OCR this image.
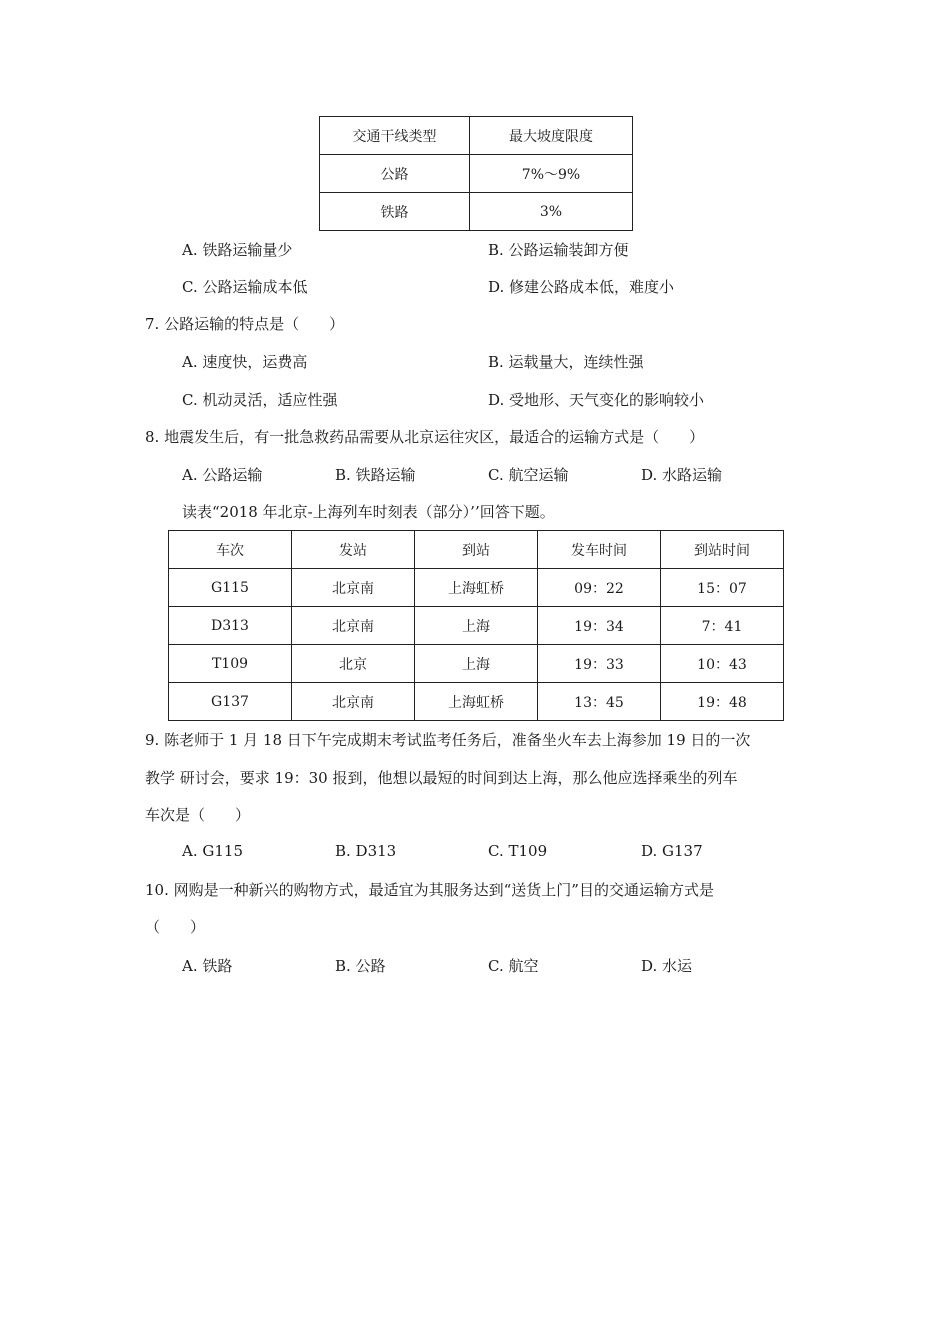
交通干线类型	最大坡度限度
公路	7%～9%
铁路	3%
A. 铁路运输量少	B. 公路运输装卸方便
C. 公路运输成本低	D. 修建公路成本低，难度小
7. 公路运输的特点是（　　）
A. 速度快，运费高	B. 运载量大，连续性强
C. 机动灵活，适应性强	D. 受地形、天气变化的影响较小
8. 地震发生后，有一批急救药品需要从北京运往灾区，最适合的运输方式是（　　）
A. 公路运输	B. 铁路运输	C. 航空运输	D. 水路运输
读表“2018 年北京-上海列车时刻表（部分）’’回答下题。
车次	发站	到站	发车时间	到站时间
G115	北京南	上海虹桥	09：22	15：07
D313	北京南	上海	19：34	7：41
T109	北京	上海	19：33	10：43
G137	北京南	上海虹桥	13：45	19：48
9. 陈老师于 1 月 18 日下午完成期末考试监考任务后，准备坐火车去上海参加 19 日的一次
教学 研讨会，要求 19：30 报到，他想以最短的时间到达上海，那么他应选择乘坐的列车
车次是（　　）
A. G115	B. D313	C. T109	D. G137
10. 网购是一种新兴的购物方式，最适宜为其服务达到“送货上门”目的交通运输方式是
（　　）
A. 铁路	B. 公路	C. 航空	D. 水运
